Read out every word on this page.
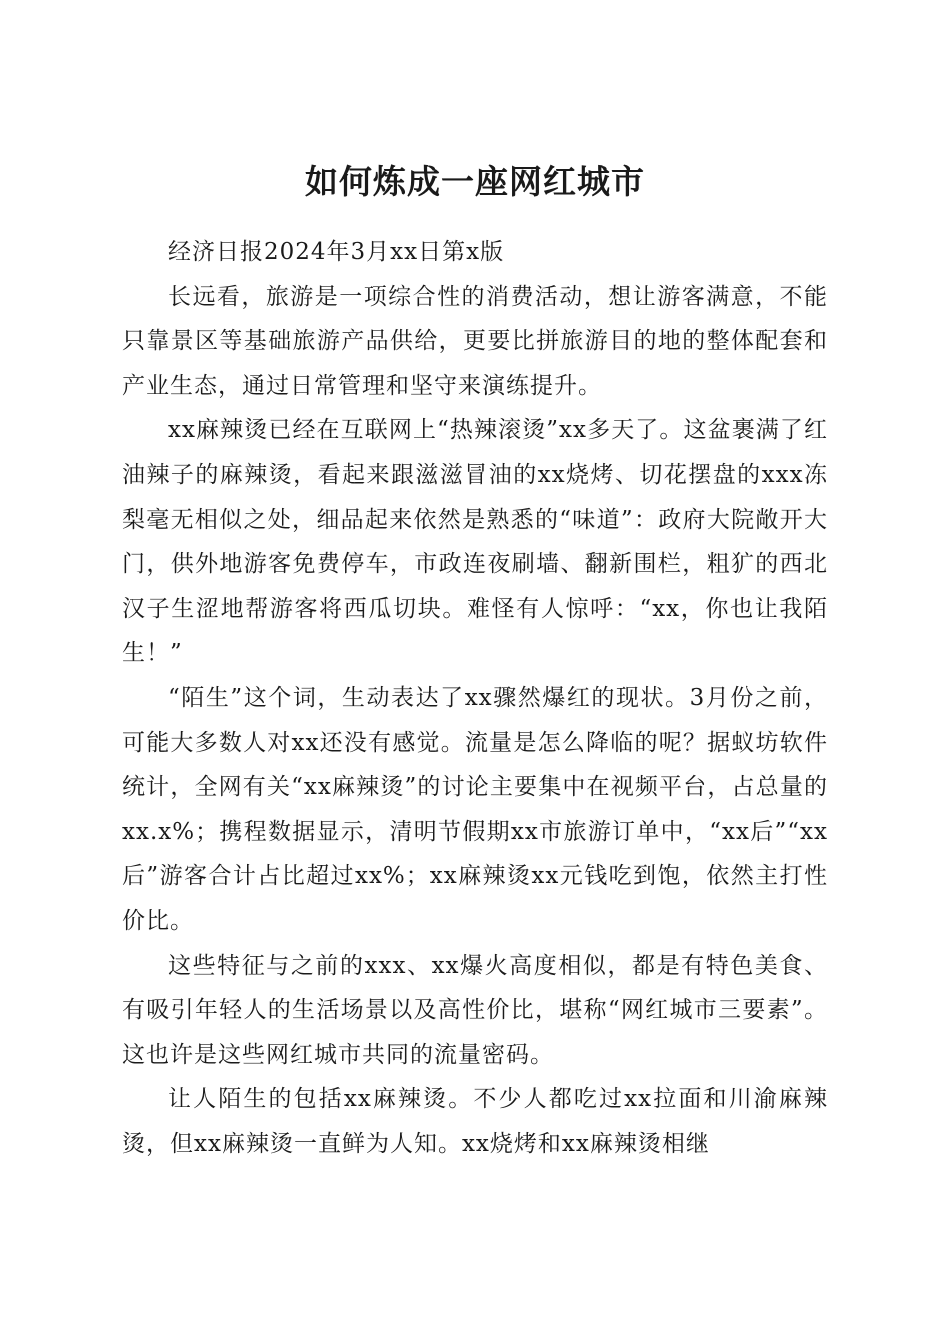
如何炼成一座网红城市

经济日报2024年3月xx日第x版

长远看，旅游是一项综合性的消费活动，想让游客满意，不能只靠景区等基础旅游产品供给，更要比拼旅游目的地的整体配套和产业生态，通过日常管理和坚守来演练提升。

xx麻辣烫已经在互联网上“热辣滚烫”xx多天了。这盆裹满了红油辣子的麻辣烫，看起来跟滋滋冒油的xx烧烤、切花摆盘的xxx冻梨毫无相似之处，细品起来依然是熟悉的“味道”：政府大院敞开大门，供外地游客免费停车，市政连夜刷墙、翻新围栏，粗犷的西北汉子生涩地帮游客将西瓜切块。难怪有人惊呼：“xx，你也让我陌生！”

“陌生”这个词，生动表达了xx骤然爆红的现状。3月份之前，可能大多数人对xx还没有感觉。流量是怎么降临的呢？据蚁坊软件统计，全网有关“xx麻辣烫”的讨论主要集中在视频平台，占总量的xx.x%；携程数据显示，清明节假期xx市旅游订单中，“xx后”“xx后”游客合计占比超过xx%；xx麻辣烫xx元钱吃到饱，依然主打性价比。

这些特征与之前的xxx、xx爆火高度相似，都是有特色美食、有吸引年轻人的生活场景以及高性价比，堪称“网红城市三要素”。这也许是这些网红城市共同的流量密码。

让人陌生的包括xx麻辣烫。不少人都吃过xx拉面和川渝麻辣烫，但xx麻辣烫一直鲜为人知。xx烧烤和xx麻辣烫相继
